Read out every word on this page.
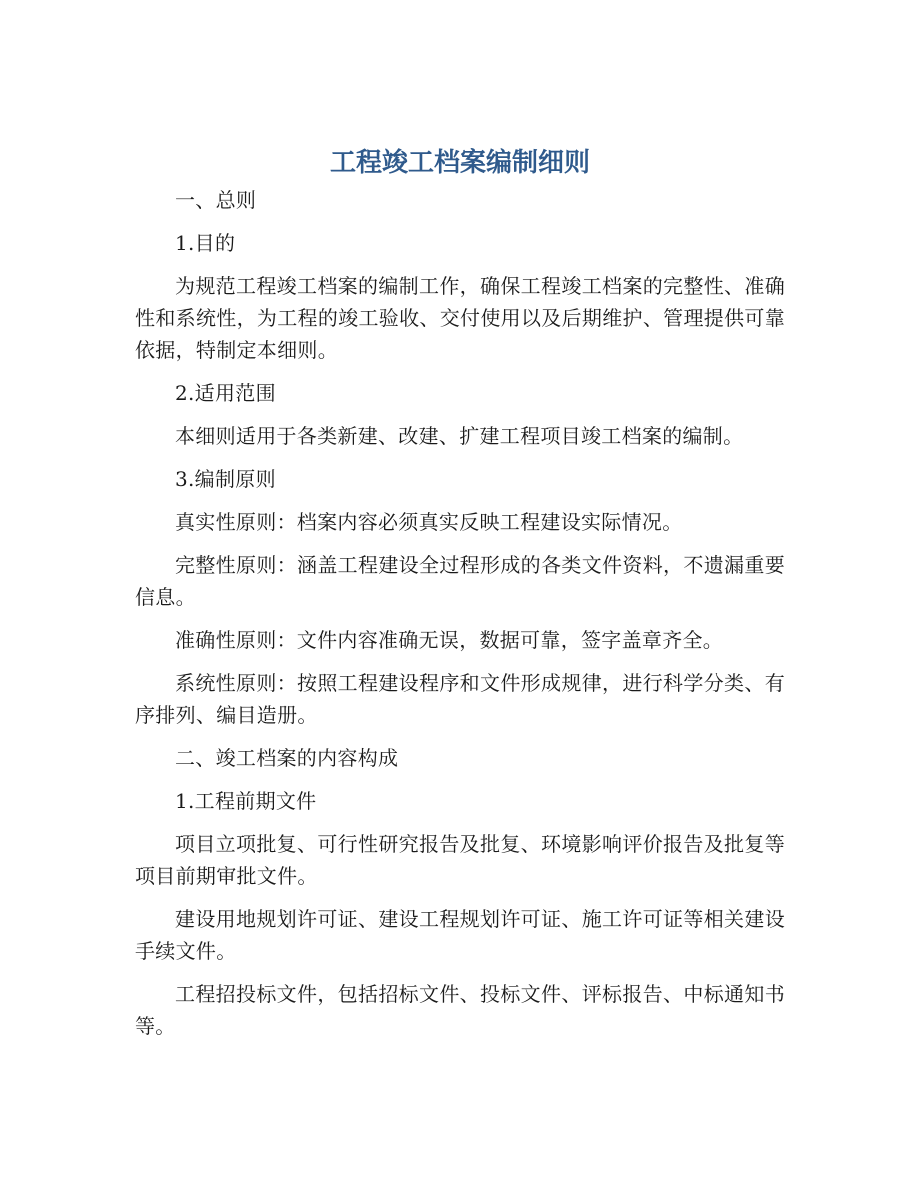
工程竣工档案编制细则

一、总则

1.目的

为规范工程竣工档案的编制工作，确保工程竣工档案的完整性、准确性和系统性，为工程的竣工验收、交付使用以及后期维护、管理提供可靠依据，特制定本细则。

2.适用范围

本细则适用于各类新建、改建、扩建工程项目竣工档案的编制。

3.编制原则

真实性原则：档案内容必须真实反映工程建设实际情况。

完整性原则：涵盖工程建设全过程形成的各类文件资料，不遗漏重要信息。

准确性原则：文件内容准确无误，数据可靠，签字盖章齐全。

系统性原则：按照工程建设程序和文件形成规律，进行科学分类、有序排列、编目造册。

二、竣工档案的内容构成

1.工程前期文件

项目立项批复、可行性研究报告及批复、环境影响评价报告及批复等项目前期审批文件。

建设用地规划许可证、建设工程规划许可证、施工许可证等相关建设手续文件。

工程招投标文件，包括招标文件、投标文件、评标报告、中标通知书等。
